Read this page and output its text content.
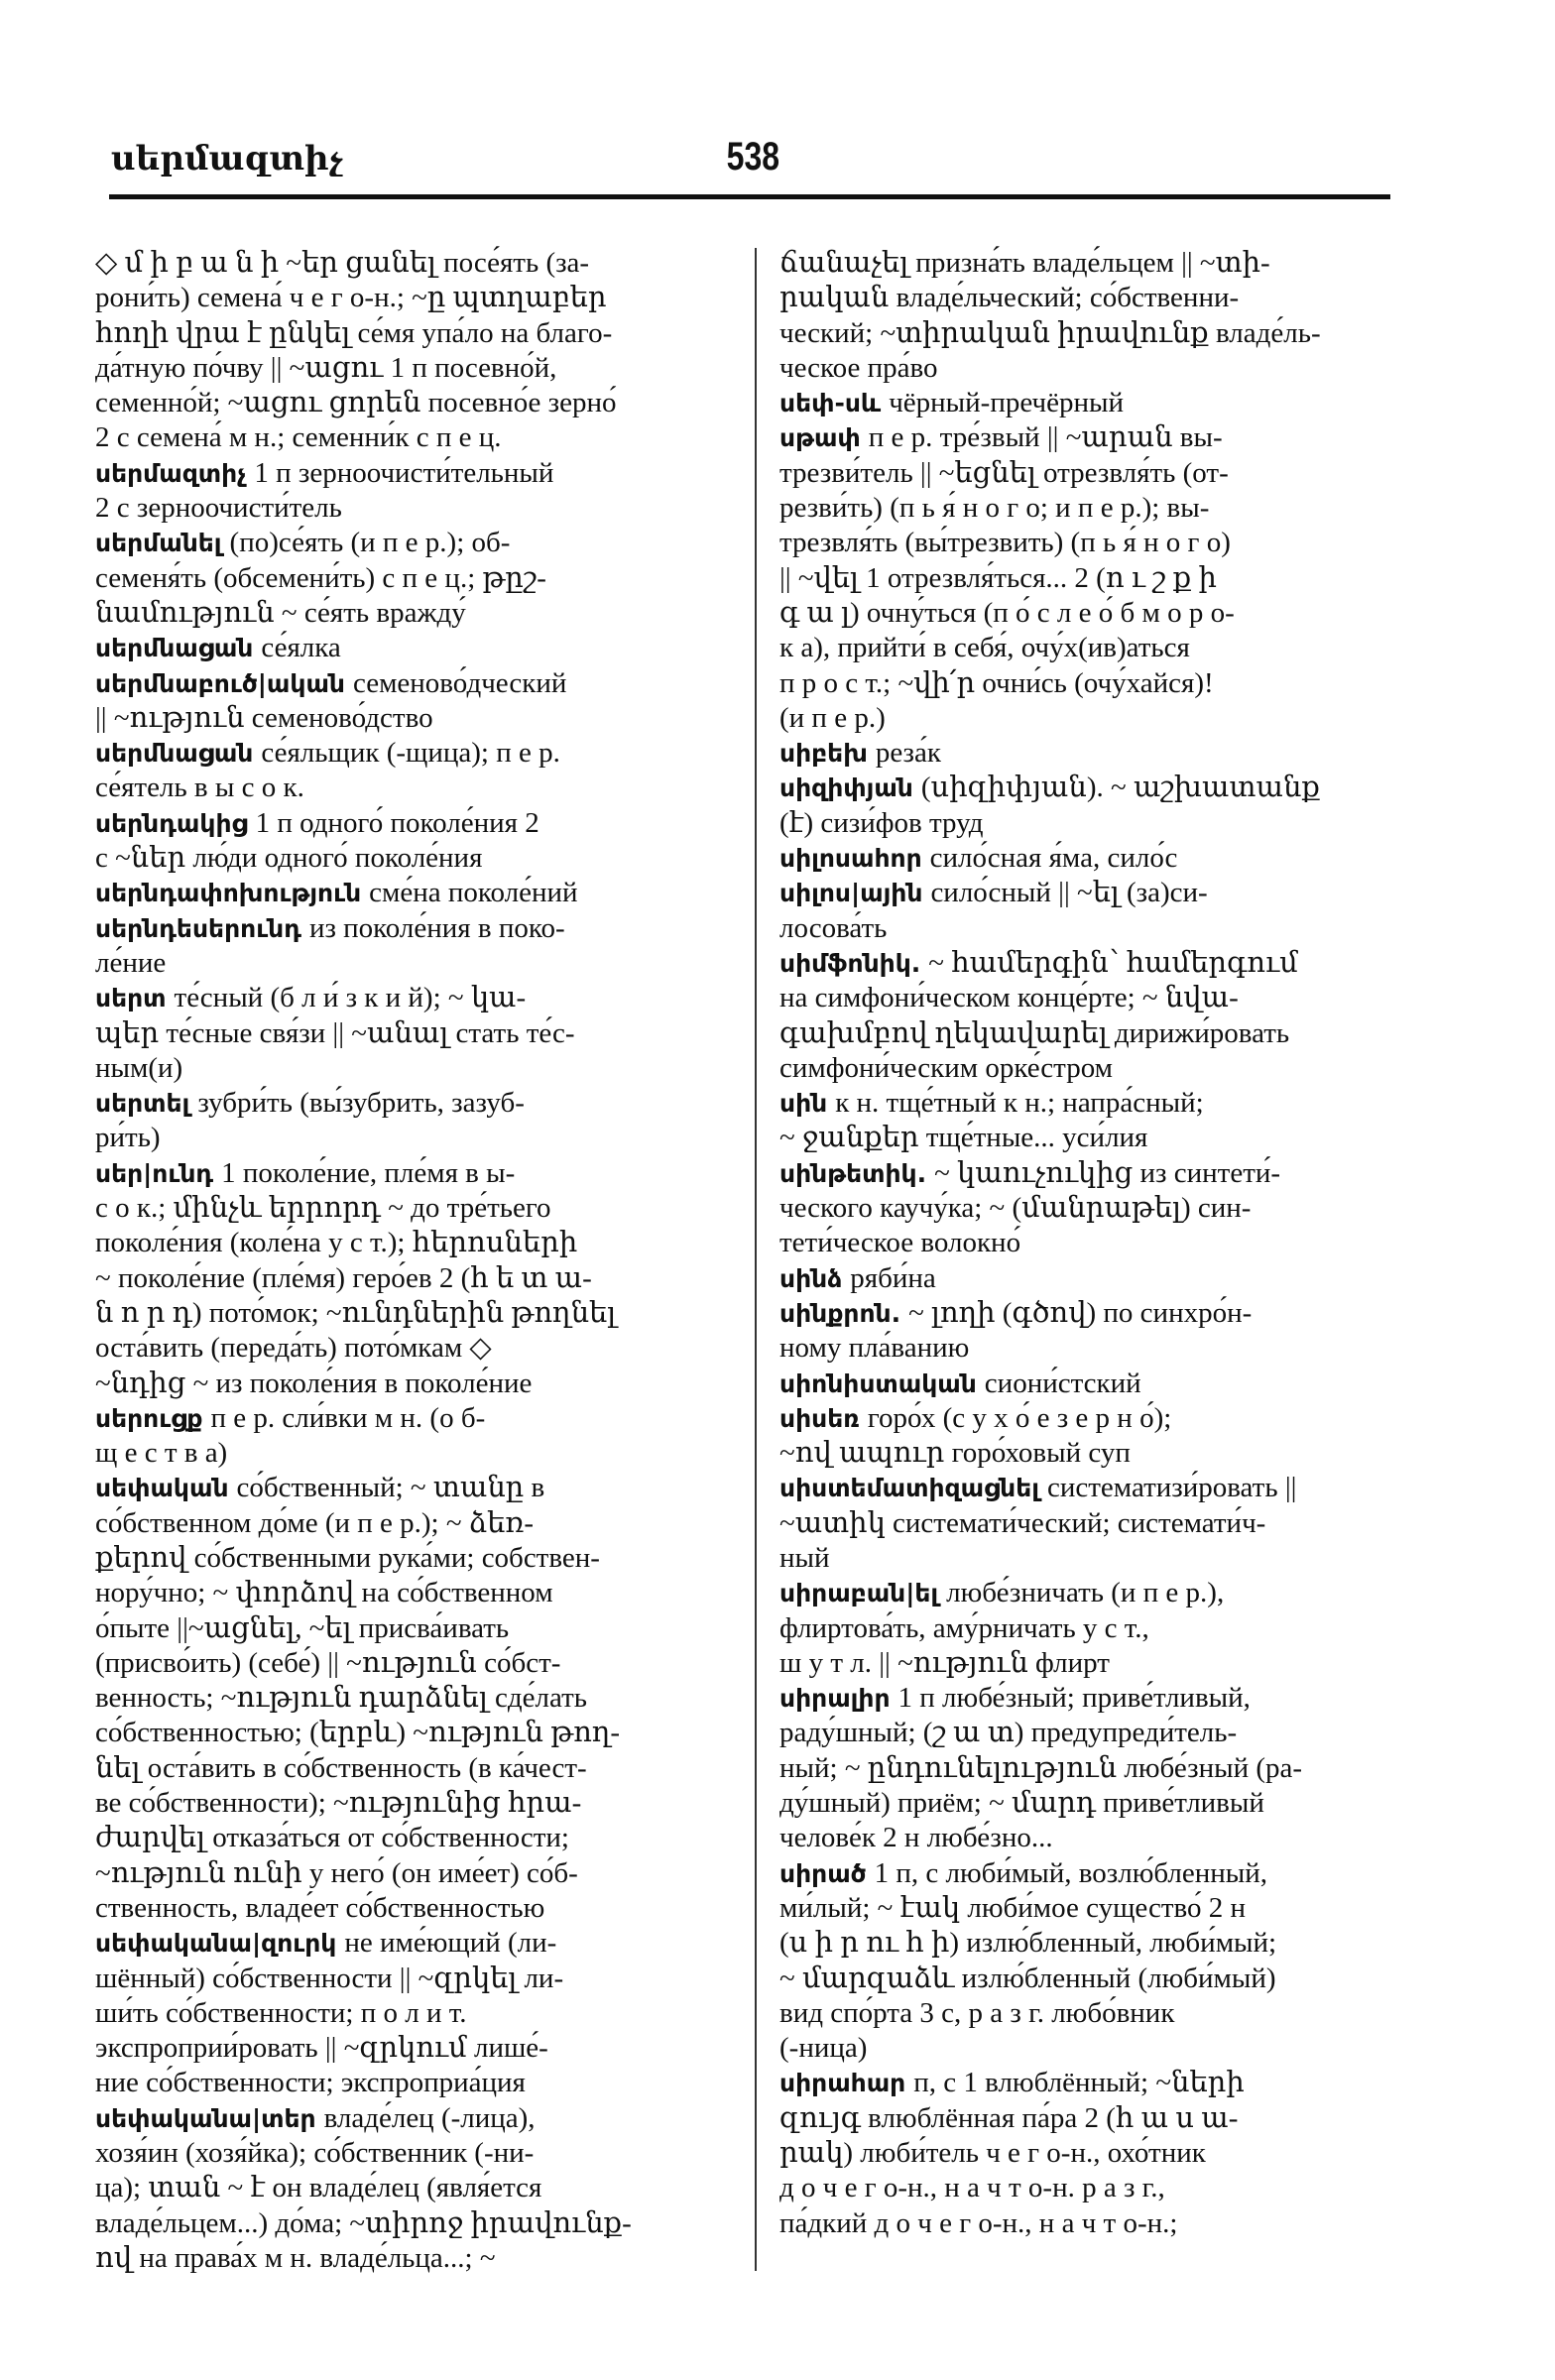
սերմազտիչ	538
◇ մ ի բ ա ն ի ~եր ցանել посе́ять (за-
рони́ть) семена́ ч е г о-н.; ~ը պտղաբեր
հողի վրա է ընկել се́мя упа́ло на благо-
да́тную по́чву || ~ացու 1 п посевно́й,
семенно́й; ~ացու ցորեն посевно́е зерно́
2 с семена́ м н.; семенни́к с п е ц.
սերմազտիչ 1 п зерноочисти́тельный
2 с зерноочисти́тель
սերմանել (по)се́ять (и п е р.); об-
семеня́ть (обсемени́ть) с п е ц.; թըշ-
նամություն ~ се́ять вражду́
սերմնացան се́ялка
սերմնաբուծ|ական семеново́дческий
|| ~ություն семеново́дство
սերմնացան се́яльщик (-щица); п е р.
се́ятель в ы с о к.
սերնդակից 1 п одного́ поколе́ния 2
с ~ներ лю́ди одного́ поколе́ния
սերնդափոխություն сме́на поколе́ний
սերնդեսերունդ из поколе́ния в поко-
ле́ние
սերտ те́сный (б л и́ з к и й); ~ կա-
պեր те́сные свя́зи || ~անալ стать те́с-
ным(и)
սերտել зубри́ть (вы́зубрить, зазуб-
ри́ть)
սեր|ունդ 1 поколе́ние, пле́мя в ы-
с о к.; մինչև երրորդ ~ до тре́тьего
поколе́ния (коле́на у с т.); հերոսների
~ поколе́ние (пле́мя) геро́ев 2 (հ ե տ ա-
ն ո ր դ) пото́мок; ~ունդներին թողնել
оста́вить (переда́ть) пото́мкам ◇
~նդից ~ из поколе́ния в поколе́ние
սերուցք п е р. сли́вки м н. (о б-
щ е с т в а)
սեփական со́бственный; ~ տանը в
со́бственном до́ме (и п е р.); ~ ձեռ-
քերով со́бственными рука́ми; собствен-
нору́чно; ~ փորձով на со́бственном
о́пыте ||~ացնել, ~ել присва́ивать
(присво́ить) (себе́) || ~ություն со́бст-
венность; ~ություն դարձնել сде́лать
со́бственностью; (երբև) ~ություն թող-
նել оста́вить в со́бственность (в ка́чест-
ве со́бственности); ~ությունից հրա-
ժարվել отказа́ться от со́бственности;
~ություն ունի у него́ (он име́ет) со́б-
ственность, владе́ет со́бственностью
սեփականա|զուրկ не име́ющий (ли-
шённый) со́бственности || ~զրկել ли-
ши́ть со́бственности; п о л и т.
экспроприи́ровать || ~զրկում лише́-
ние со́бственности; экспроприа́ция
սեփականա|տեր владе́лец (-лица),
хозя́ин (хозя́йка); со́бственник (-ни-
ца); տան ~ է он владе́лец (явля́ется
владе́льцем...) до́ма; ~տիրոջ իրավունք-
ով на права́х м н. владе́льца...; ~
ճանաչել призна́ть владе́льцем || ~տի-
րական владе́льческий; со́бственни-
ческий; ~տիրական իրավունք владе́ль-
ческое пра́во
սեփ-սև чёрный-пречёрный
սթափ п е р. тре́звый || ~արան вы-
трезви́тель || ~եցնել отрезвля́ть (от-
резви́ть) (п ь я́ н о г о; и п е р.); вы-
трезвля́ть (вы́трезвить) (п ь я́ н о г о)
|| ~վել 1 отрезвля́ться... 2 (ո ւ շ ք ի
գ ա լ) очну́ться (п о́ с л е о́ б м о р о-
к а), прийти́ в себя́, очу́х(ив)аться
п р о с т.; ~վի՛ր очни́сь (очу́хайся)!
(и п е р.)
սիբեխ реза́к
սիզիփյան (սիզիփյան). ~ աշխատանք
(է) сизи́фов труд
սիլոսահոր сило́сная я́ма, сило́с
սիլոս|ային сило́сный || ~ել (за)си-
лосова́ть
սիմֆոնիկ. ~ համերգին՝ համերգում
на симфони́ческом конце́рте; ~ նվա-
գախմբով ղեկավարել дирижи́ровать
симфони́ческим орке́стром
սին к н. тще́тный к н.; напра́сный;
~ ջանքեր тще́тные... уси́лия
սինթետիկ. ~ կաուչուկից из синтети́-
ческого каучу́ка; ~ (մանրաթել) син-
тети́ческое волокно́
սինձ ряби́на
սինքրոն. ~ լողի (գծով) по синхро́н-
ному пла́ванию
սիոնիստական сиони́стский
սիսեռ горо́х (с у х о́ е з е р н о́);
~ով ապուր горо́ховый суп
սիստեմատիզացնել систематизи́ровать ||
~ատիկ системати́ческий; системати́ч-
ный
սիրաբան|ել любе́зничать (и п е р.),
флиртова́ть, аму́рничать у с т.,
ш у т л. || ~ություն флирт
սիրալիր 1 п любе́зный; приве́тливый,
раду́шный; (շ ա տ) предупреди́тель-
ный; ~ ընդունելություն любе́зный (ра-
ду́шный) приём; ~ մարդ приве́тливый
челове́к 2 н любе́зно...
սիրած 1 п, с люби́мый, возлю́бленный,
ми́лый; ~ էակ люби́мое существо́ 2 н
(ս ի ր ու հ ի) излю́бленный, люби́мый;
~ մարզաձև излю́бленный (люби́мый)
вид спо́рта 3 с, р а з г. любо́вник
(-ница)
սիրահար п, с 1 влюблённый; ~ների
զույգ влюблённая па́ра 2 (հ ա ս ա-
րակ) люби́тель ч е г о-н., охо́тник
д о ч е г о-н., н а ч т о-н. р а з г.,
па́дкий д о ч е г о-н., н а ч т о-н.;
